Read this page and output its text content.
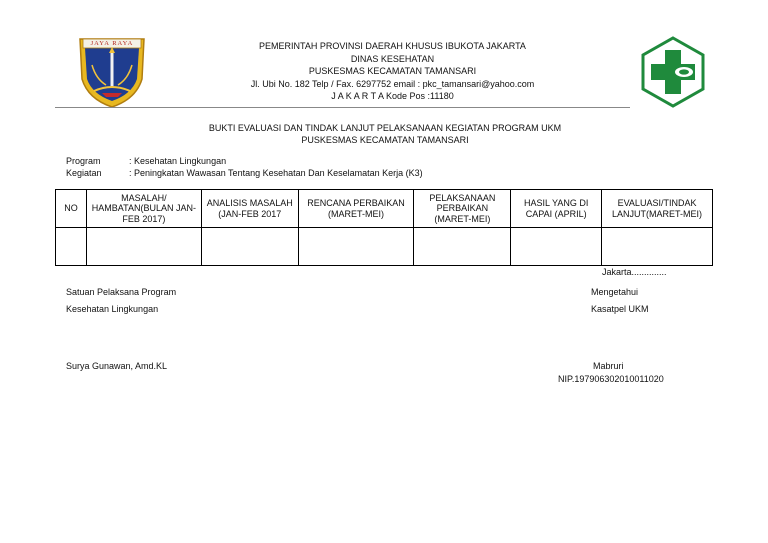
JAYA RAYA	PEMERINTAH PROVINSI DAERAH KHUSUS IBUKOTA JAKARTA
DINAS KESEHATAN
PUSKESMAS KECAMATAN TAMANSARI
Jl. Ubi No. 182 Telp / Fax. 6297752 email : pkc_tamansari@yahoo.com
J A K A R T A Kode Pos :11180
BUKTI EVALUASI DAN TINDAK LANJUT PELAKSANAAN KEGIATAN PROGRAM UKM
PUSKESMAS KECAMATAN TAMANSARI
Program	: Kesehatan Lingkungan
Kegiatan	: Peningkatan Wawasan Tentang Kesehatan Dan Keselamatan Kerja (K3)
NO	MASALAH/ HAMBATAN(BULAN JAN-FEB 2017)	ANALISIS MASALAH (JAN-FEB 2017	RENCANA PERBAIKAN (MARET-MEI)	PELAKSANAAN PERBAIKAN (MARET-MEI)	HASIL YANG DI CAPAI (APRIL)	EVALUASI/TINDAK LANJUT(MARET-MEI)

Jakarta..............
Satuan Pelaksana Program
Kesehatan Lingkungan
Surya Gunawan, Amd.KL
Mengetahui
Kasatpel UKM
Mabruri
NIP.197906302010011020
